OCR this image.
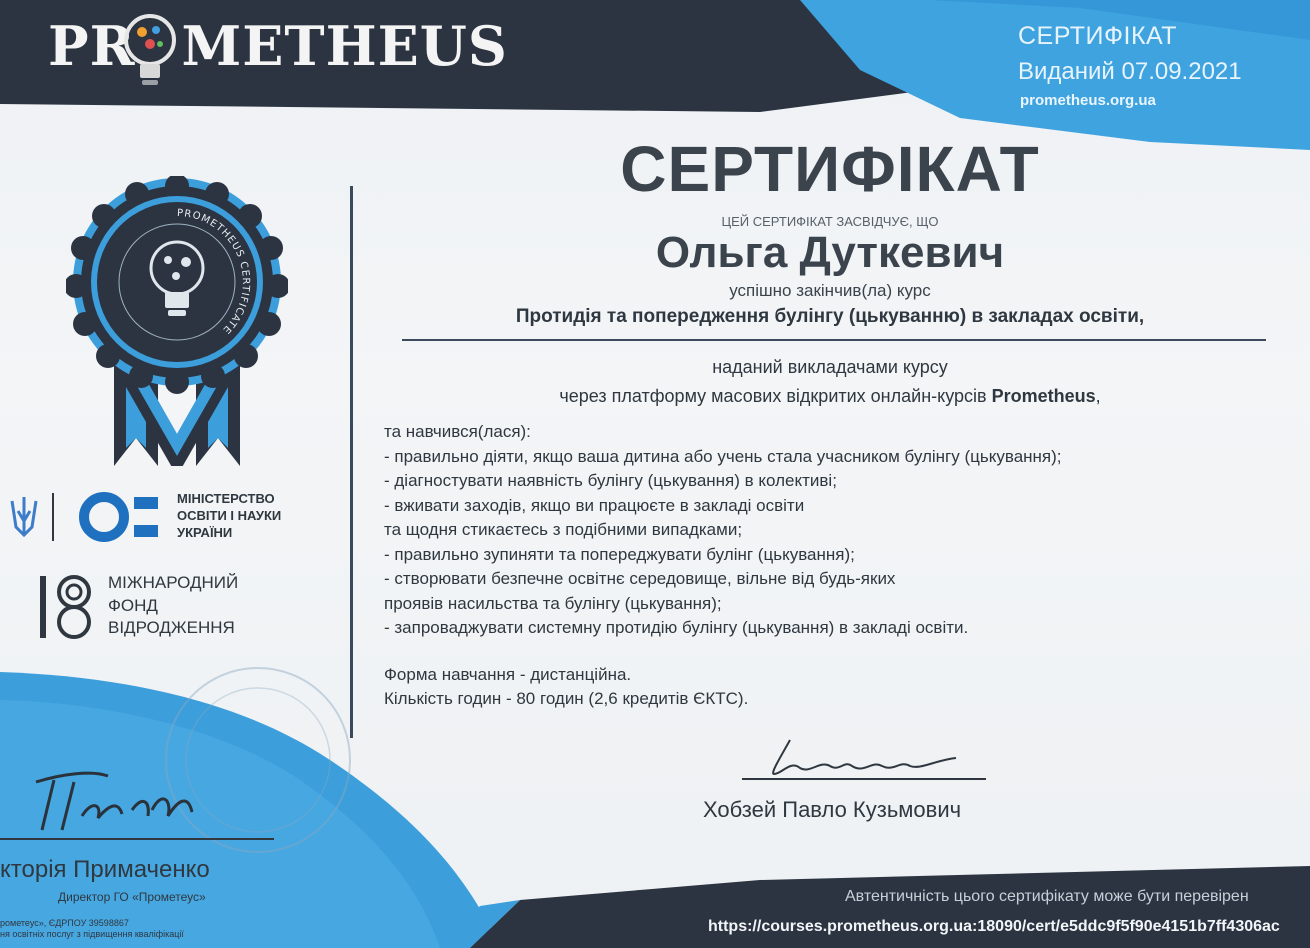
PR METHEUS	СЕРТИФІКАТ
Виданий 07.09.2021
prometheus.org.ua
PROMETHEUS CERTIFICATE
МІНІСТЕРСТВО
ОСВІТИ І НАУКИ
УКРАЇНИ
МІЖНАРОДНИЙ
ФОНД
ВІДРОДЖЕННЯ
СЕРТИФІКАТ
ЦЕЙ СЕРТИФІКАТ ЗАСВІДЧУЄ, ЩО
Ольга Дуткевич
успішно закінчив(ла) курс
Протидія та попередження булінгу (цькуванню) в закладах освіти,
наданий викладачами курсу
через платформу масових відкритих онлайн-курсів Prometheus,
та навчився(лася):
- правильно діяти, якщо ваша дитина або учень стала учасником булінгу (цькування);
- діагностувати наявність булінгу (цькування) в колективі;
- вживати заходів, якщо ви працюєте в закладі освіти
та щодня стикаєтесь з подібними випадками;
- правильно зупиняти та попереджувати булінг (цькування);
- створювати безпечне освітнє середовище, вільне від будь-яких
проявів насильства та булінгу (цькування);
- запроваджувати системну протидію булінгу (цькування) в закладі освіти.
Форма навчання - дистанційна.
Кількість годин - 80 годин (2,6 кредитів ЄКТС).
Хобзей Павло Кузьмович
кторія Примаченко
Директор ГО «Прометеус»
рометеус», ЄДРПОУ 39598867
ня освітніх послуг з підвищення кваліфікації
Автентичність цього сертифікату може бути перевірен
https://courses.prometheus.org.ua:18090/cert/e5ddc9f5f90e4151b7ff4306ac
